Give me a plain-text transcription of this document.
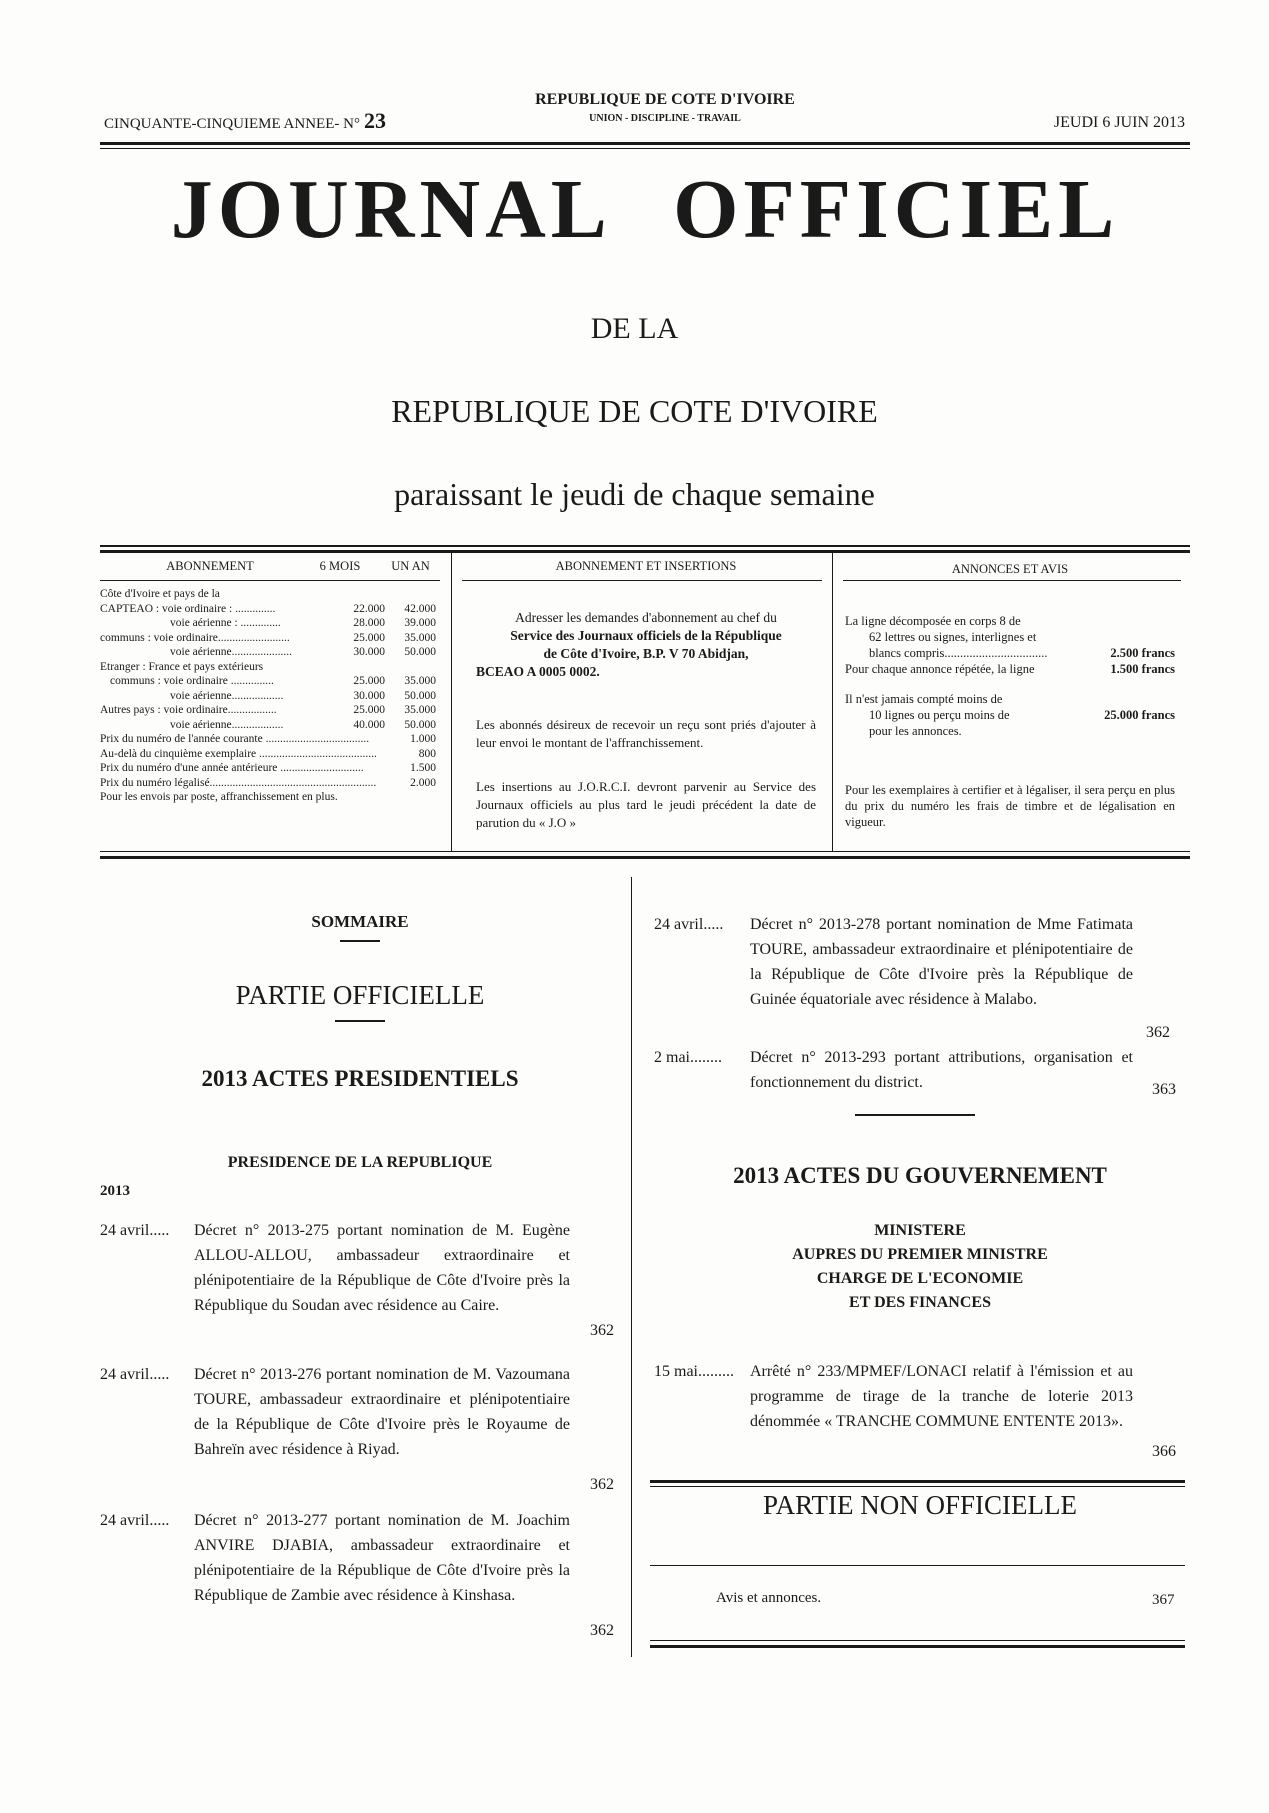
CINQUANTE-CINQUIEME ANNEE- N° 23
REPUBLIQUE DE COTE D'IVOIRE
UNION - DISCIPLINE - TRAVAIL	JEUDI 6 JUIN 2013
JOURNAL OFFICIEL
DE LA
REPUBLIQUE DE COTE D'IVOIRE
paraissant le jeudi de chaque semaine
ABONNEMENT	6 MOIS	UN AN
Côte d'Ivoire et pays de la
CAPTEAO : voie ordinaire : ..............	22.000	42.000
voie aérienne : ..............	28.000	39.000
communs : voie ordinaire.........................	25.000	35.000
voie aérienne.....................	30.000	50.000
Etranger : France et pays extérieurs
communs : voie ordinaire ...............	25.000	35.000
voie aérienne..................	30.000	50.000
Autres pays : voie ordinaire.................	25.000	35.000
voie aérienne..................	40.000	50.000
Prix du numéro de l'année courante ....................................	1.000
Au-delà du cinquième exemplaire .........................................	800
Prix du numéro d'une année antérieure .............................	1.500
Prix du numéro légalisé..........................................................	2.000
Pour les envois par poste, affranchissement en plus.
ABONNEMENT ET INSERTIONS
Adresser les demandes d'abonnement au chef du
Service des Journaux officiels de la République
de Côte d'Ivoire, B.P. V 70 Abidjan,
BCEAO A 0005 0002.
Les abonnés désireux de recevoir un reçu sont priés d'ajouter à leur envoi le montant de l'affranchissement.
Les insertions au J.O.R.C.I. devront parvenir au Service des Journaux officiels au plus tard le jeudi précédent la date de parution du « J.O »
ANNONCES ET AVIS
La ligne décomposée en corps 8 de
62 lettres ou signes, interlignes et
blancs compris.................................	2.500 francs
Pour chaque annonce répétée, la ligne	1.500 francs
Il n'est jamais compté moins de
10 lignes ou perçu moins de	25.000 francs
pour les annonces.
Pour les exemplaires à certifier et à légaliser, il sera perçu en plus du prix du numéro les frais de timbre et de légalisation en vigueur.
SOMMAIRE
PARTIE OFFICIELLE
2013 ACTES PRESIDENTIELS
PRESIDENCE DE LA REPUBLIQUE
2013
24 avril..... Décret n° 2013-275 portant nomination de M. Eugène ALLOU-ALLOU, ambassadeur extraordinaire et plénipotentiaire de la République de Côte d'Ivoire près la République du Soudan avec résidence au Caire.
362
24 avril..... Décret n° 2013-276 portant nomination de M. Vazoumana TOURE, ambassadeur extraordinaire et plénipotentiaire de la République de Côte d'Ivoire près le Royaume de Bahreïn avec résidence à Riyad.
362
24 avril..... Décret n° 2013-277 portant nomination de M. Joachim ANVIRE DJABIA, ambassadeur extraordinaire et plénipotentiaire de la République de Côte d'Ivoire près la République de Zambie avec résidence à Kinshasa.
362
24 avril..... Décret n° 2013-278 portant nomination de Mme Fatimata TOURE, ambassadeur extraordinaire et plénipotentiaire de la République de Côte d'Ivoire près la République de Guinée équatoriale avec résidence à Malabo.
362
2 mai........ Décret n° 2013-293 portant attributions, organisation et fonctionnement du district.	363
2013 ACTES DU GOUVERNEMENT
MINISTERE
AUPRES DU PREMIER MINISTRE
CHARGE DE L'ECONOMIE
ET DES FINANCES
15 mai......... Arrêté n° 233/MPMEF/LONACI relatif à l'émission et au programme de tirage de la tranche de loterie 2013 dénommée « TRANCHE COMMUNE ENTENTE 2013».
366
PARTIE NON OFFICIELLE
Avis et annonces.	367
